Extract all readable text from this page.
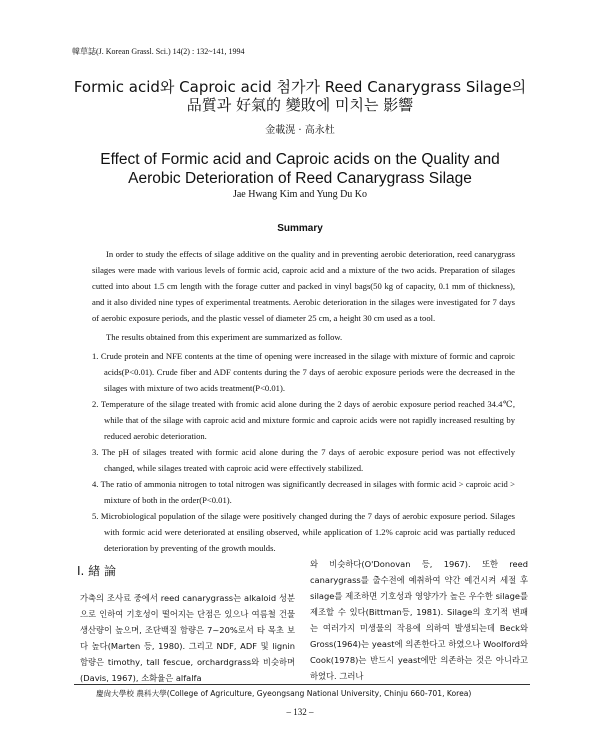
韓草誌(J. Korean Grassl. Sci.) 14(2) : 132~141, 1994
Formic acid와 Caproic acid 첨가가 Reed Canarygrass Silage의
品質과 好氣的 變敗에 미치는 影響
金載滉 · 高永杜
Effect of Formic acid and Caproic acids on the Quality and
Aerobic Deterioration of Reed Canarygrass Silage
Jae Hwang Kim and Yung Du Ko
Summary
In order to study the effects of silage additive on the quality and in preventing aerobic deterioration, reed canarygrass silages were made with various levels of formic acid, caproic acid and a mixture of the two acids. Preparation of silages cutted into about 1.5 cm length with the forage cutter and packed in vinyl bags(50 kg of capacity, 0.1 mm of thickness), and it also divided nine types of experimental treatments. Aerobic deterioration in the silages were investigated for 7 days of aerobic exposure periods, and the plastic vessel of diameter 25 cm, a height 30 cm used as a tool.
The results obtained from this experiment are summarized as follow.
1. Crude protein and NFE contents at the time of opening were increased in the silage with mixture of formic and caproic acids(P<0.01). Crude fiber and ADF contents during the 7 days of aerobic exposure periods were the decreased in the silages with mixture of two acids treatment(P<0.01).
2. Temperature of the silage treated with fromic acid alone during the 2 days of aerobic exposure period reached 34.4℃, while that of the silage with caproic acid and mixture formic and caproic acids were not rapidly increased resulting by reduced aerobic deterioration.
3. The pH of silages treated with formic acid alone during the 7 days of aerobic exposure period was not effectively changed, while silages treated with caproic acid were effectively stabilized.
4. The ratio of ammonia nitrogen to total nitrogen was significantly decreased in silages with formic acid > caproic acid > mixture of both in the order(P<0.01).
5. Microbiological population of the silage were positively changed during the 7 days of aerobic exposure period. Silages with formic acid were deteriorated at ensiling observed, while application of 1.2% caproic acid was partially reduced deterioration by preventing of the growth moulds.
I. 緖 論
가축의 조사료 중에서 reed canarygrass는 alkaloid 성분으로 인하여 기호성이 떨어지는 단점은 있으나 여름철 건물 생산량이 높으며, 조단백질 함량은 7~20%로서 타 목초 보다 높다(Marten 등, 1980). 그리고 NDF, ADF 및 lignin 함량은 timothy, tall fescue, orchardgrass와 비슷하며(Davis, 1967), 소화율은 alfalfa
와 비슷하다(O'Donovan 등, 1967). 또한 reed canarygrass를 출수전에 예취하여 약간 예건시켜 세절 후 silage를 제조하면 기호성과 영양가가 높은 우수한 silage를 제조할 수 있다(Bittman등, 1981). Silage의 호기적 변패는 여러가지 미생물의 작용에 의하여 발생되는데 Beck와 Gross(1964)는 yeast에 의존한다고 하였으나 Woolford와 Cook(1978)는 반드시 yeast에만 의존하는 것은 아니라고 하였다. 그러나
慶尙大學校 農科大學(College of Agriculture, Gyeongsang National University, Chinju 660-701, Korea)
– 132 –
